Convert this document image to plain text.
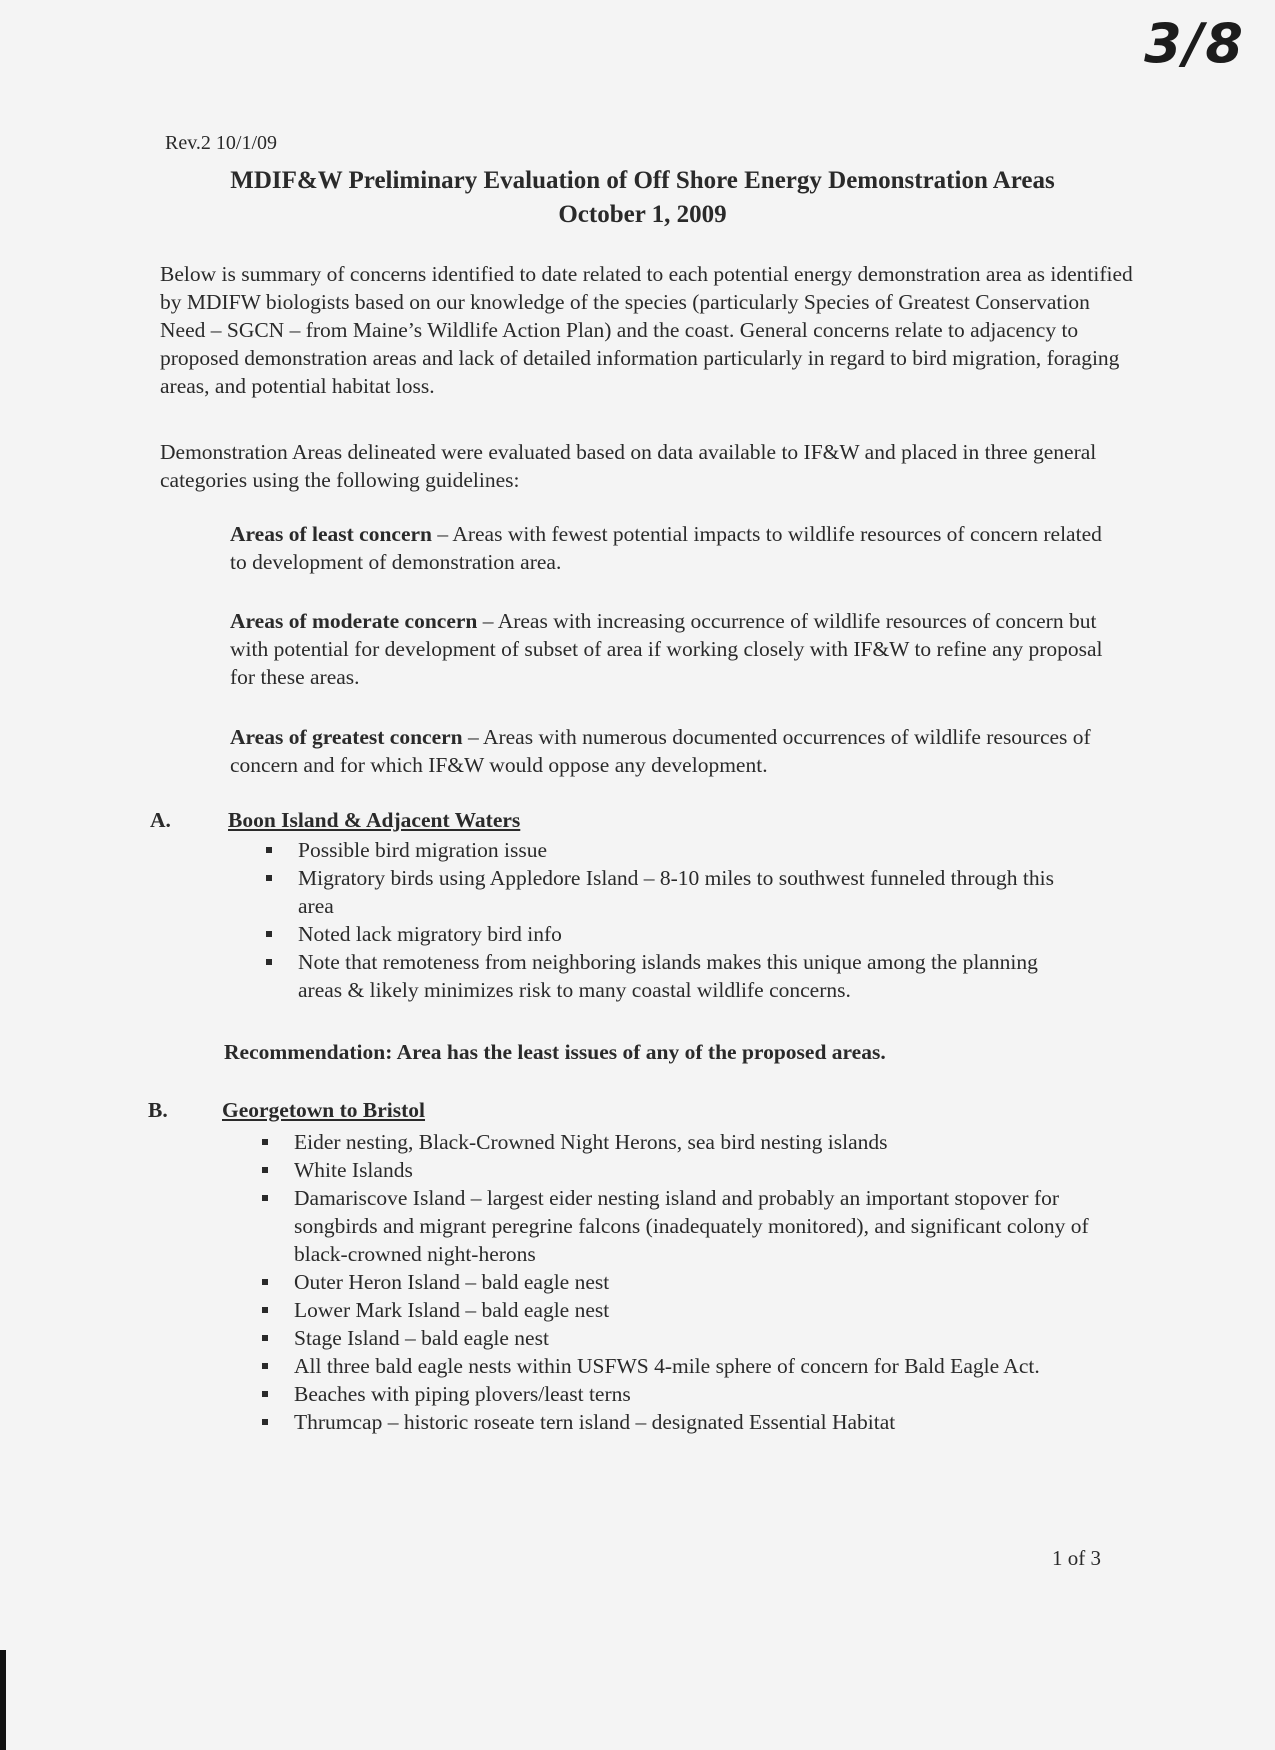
3/8
Rev.2 10/1/09
MDIF&W Preliminary Evaluation of Off Shore Energy Demonstration Areas
October 1, 2009
Below is summary of concerns identified to date related to each potential energy demonstration area as identified by MDIFW biologists based on our knowledge of the species (particularly Species of Greatest Conservation Need – SGCN – from Maine’s Wildlife Action Plan) and the coast. General concerns relate to adjacency to proposed demonstration areas and lack of detailed information particularly in regard to bird migration, foraging areas, and potential habitat loss.
Demonstration Areas delineated were evaluated based on data available to IF&W and placed in three general categories using the following guidelines:
Areas of least concern – Areas with fewest potential impacts to wildlife resources of concern related to development of demonstration area.
Areas of moderate concern – Areas with increasing occurrence of wildlife resources of concern but with potential for development of subset of area if working closely with IF&W to refine any proposal for these areas.
Areas of greatest concern – Areas with numerous documented occurrences of wildlife resources of concern and for which IF&W would oppose any development.
A.	Boon Island & Adjacent Waters
Possible bird migration issue
Migratory birds using Appledore Island – 8-10 miles to southwest funneled through this area
Noted lack migratory bird info
Note that remoteness from neighboring islands makes this unique among the planning areas & likely minimizes risk to many coastal wildlife concerns.
Recommendation: Area has the least issues of any of the proposed areas.
B.	Georgetown to Bristol
Eider nesting, Black-Crowned Night Herons, sea bird nesting islands
White Islands
Damariscove Island – largest eider nesting island and probably an important stopover for songbirds and migrant peregrine falcons (inadequately monitored), and significant colony of black-crowned night-herons
Outer Heron Island – bald eagle nest
Lower Mark Island – bald eagle nest
Stage Island – bald eagle nest
All three bald eagle nests within USFWS 4-mile sphere of concern for Bald Eagle Act.
Beaches with piping plovers/least terns
Thrumcap – historic roseate tern island – designated Essential Habitat
1 of 3
